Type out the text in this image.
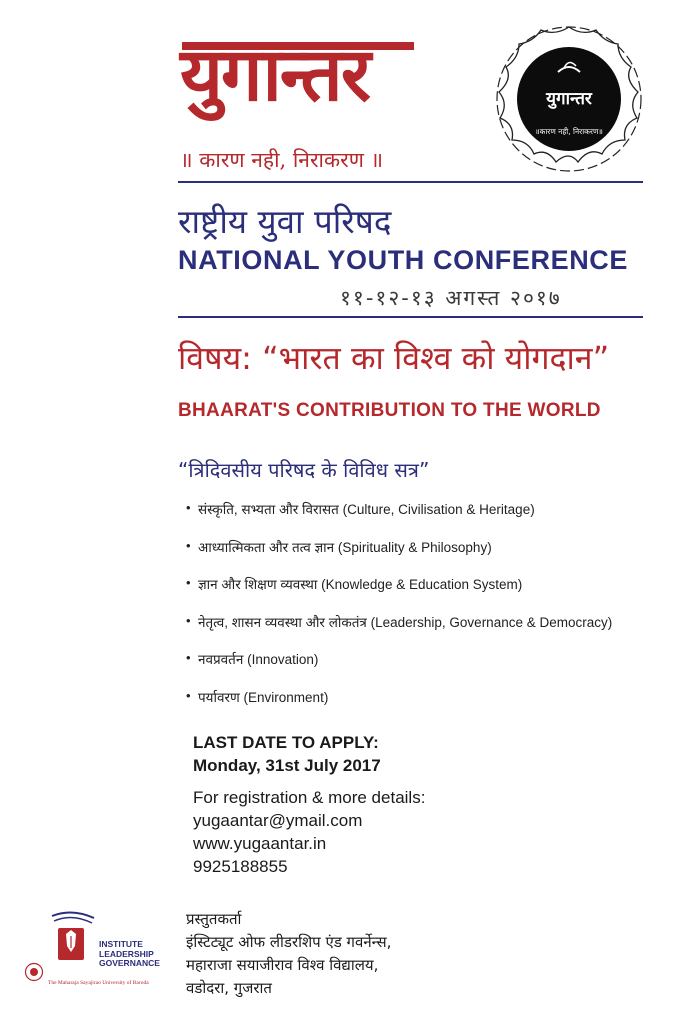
युगान्तर
॥ कारण नही, निराकरण ॥
युगान्तर
॥कारण नही, निराकरण॥
राष्ट्रीय युवा परिषद
NATIONAL YOUTH CONFERENCE
११-१२-१३ अगस्त २०१७
विषय: “भारत का विश्व को योगदान”
BHAARAT'S CONTRIBUTION TO THE WORLD
“त्रिदिवसीय परिषद के विविध सत्र”
• संस्कृति, सभ्यता और विरासत (Culture, Civilisation & Heritage)
• आध्यात्मिकता और तत्व ज्ञान (Spirituality & Philosophy)
• ज्ञान और शिक्षण व्यवस्था (Knowledge & Education System)
• नेतृत्व, शासन व्यवस्था और लोकतंत्र (Leadership, Governance & Democracy)
• नवप्रवर्तन (Innovation)
• पर्यावरण (Environment)
LAST DATE TO APPLY:
Monday, 31st July 2017
For registration & more details:
yugaantar@ymail.com
www.yugaantar.in
9925188855
INSTITUTE
LEADERSHIP
GOVERNANCE
The Maharaja Sayajirao University of Baroda
प्रस्तुतकर्ता
इंस्टिट्यूट ओफ लीडरशिप एंड गवर्नेन्स,
महाराजा सयाजीराव विश्व विद्यालय,
वडोदरा, गुजरात
